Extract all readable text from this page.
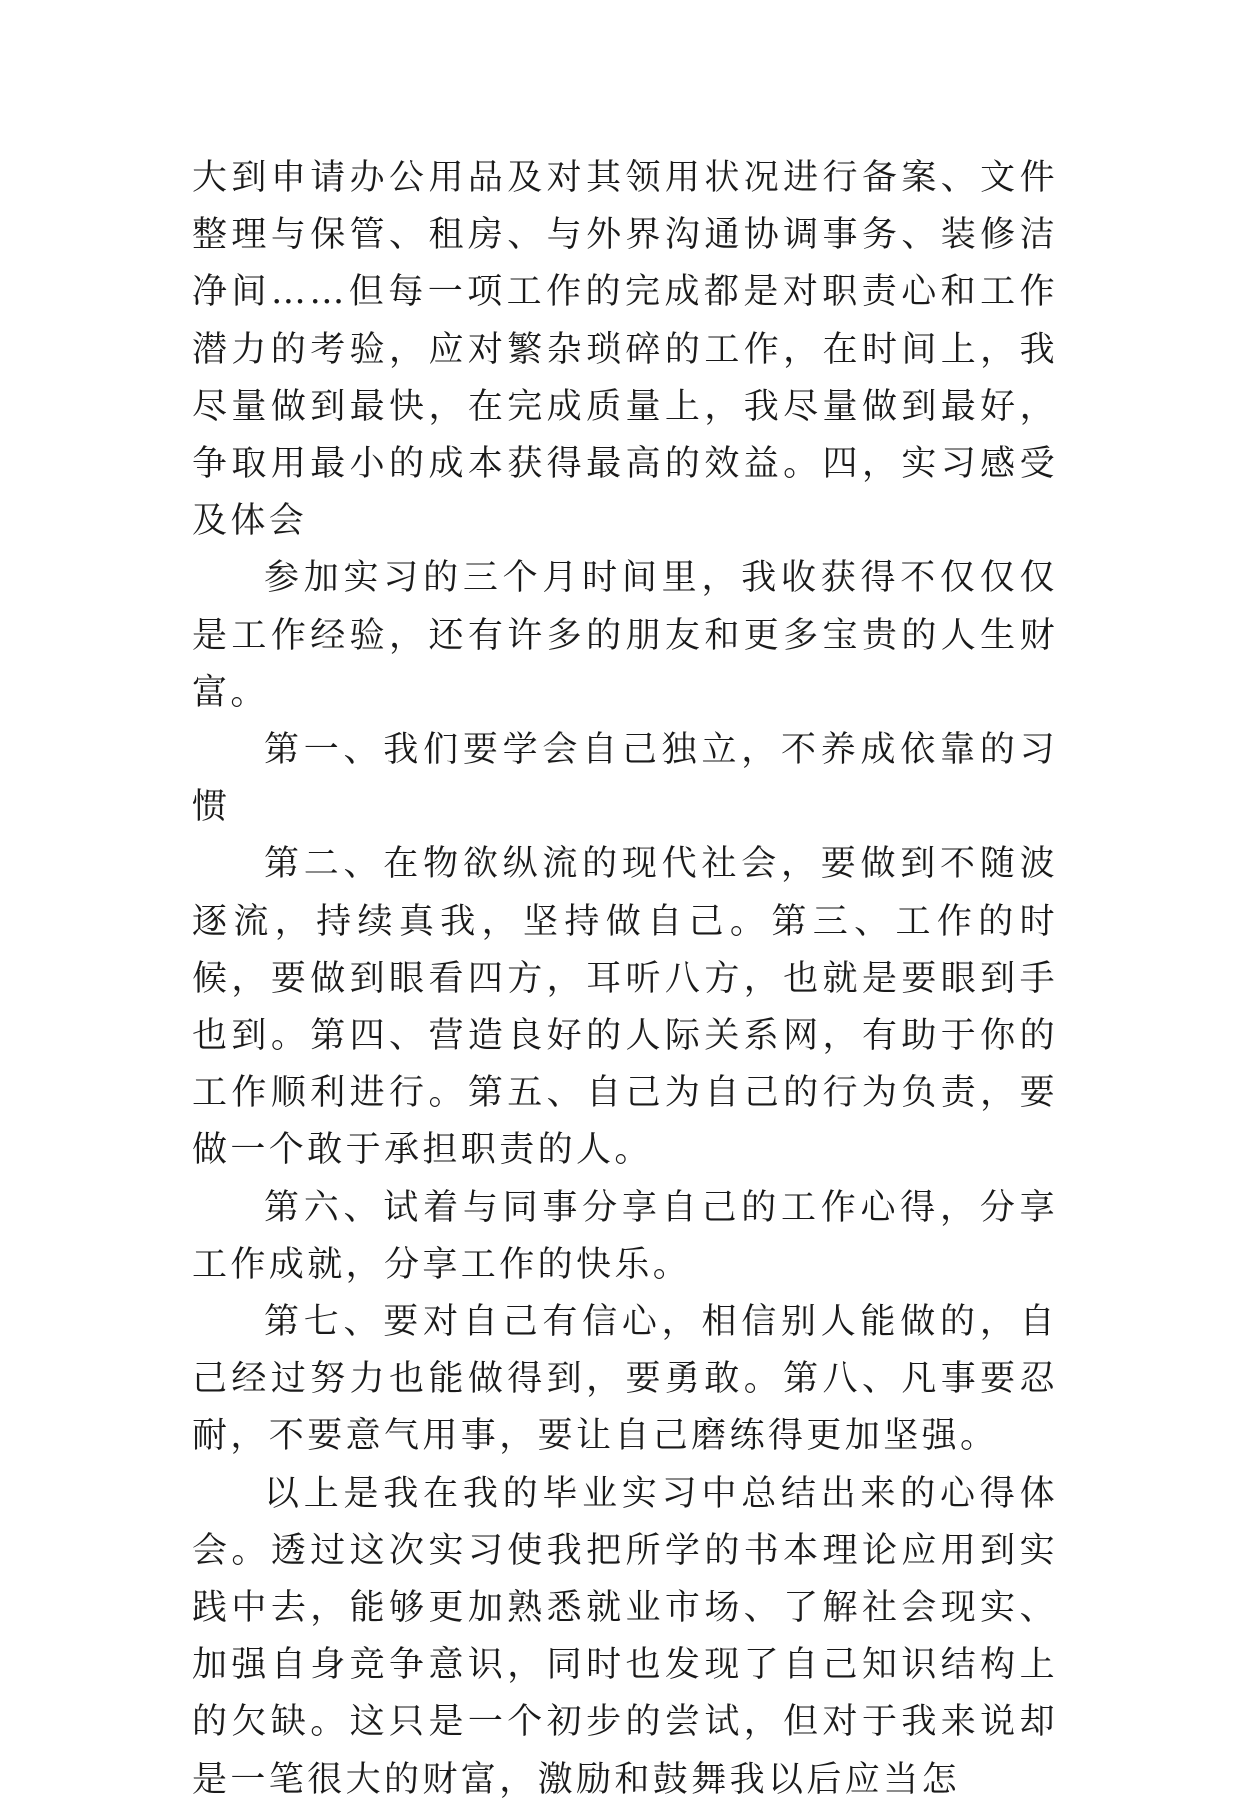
大到申请办公用品及对其领用状况进行备案、文件整理与保管、租房、与外界沟通协调事务、装修洁净间……但每一项工作的完成都是对职责心和工作潜力的考验，应对繁杂琐碎的工作，在时间上，我尽量做到最快，在完成质量上，我尽量做到最好，争取用最小的成本获得最高的效益。四，实习感受及体会

参加实习的三个月时间里，我收获得不仅仅仅是工作经验，还有许多的朋友和更多宝贵的人生财富。

第一、我们要学会自己独立，不养成依靠的习惯

第二、在物欲纵流的现代社会，要做到不随波逐流，持续真我，坚持做自己。第三、工作的时候，要做到眼看四方，耳听八方，也就是要眼到手也到。第四、营造良好的人际关系网，有助于你的工作顺利进行。第五、自己为自己的行为负责，要做一个敢于承担职责的人。

第六、试着与同事分享自己的工作心得，分享工作成就，分享工作的快乐。

第七、要对自己有信心，相信别人能做的，自己经过努力也能做得到，要勇敢。第八、凡事要忍耐，不要意气用事，要让自己磨练得更加坚强。

以上是我在我的毕业实习中总结出来的心得体会。透过这次实习使我把所学的书本理论应用到实践中去，能够更加熟悉就业市场、了解社会现实、加强自身竞争意识，同时也发现了自己知识结构上的欠缺。这只是一个初步的尝试，但对于我来说却是一笔很大的财富，激励和鼓舞我以后应当怎
